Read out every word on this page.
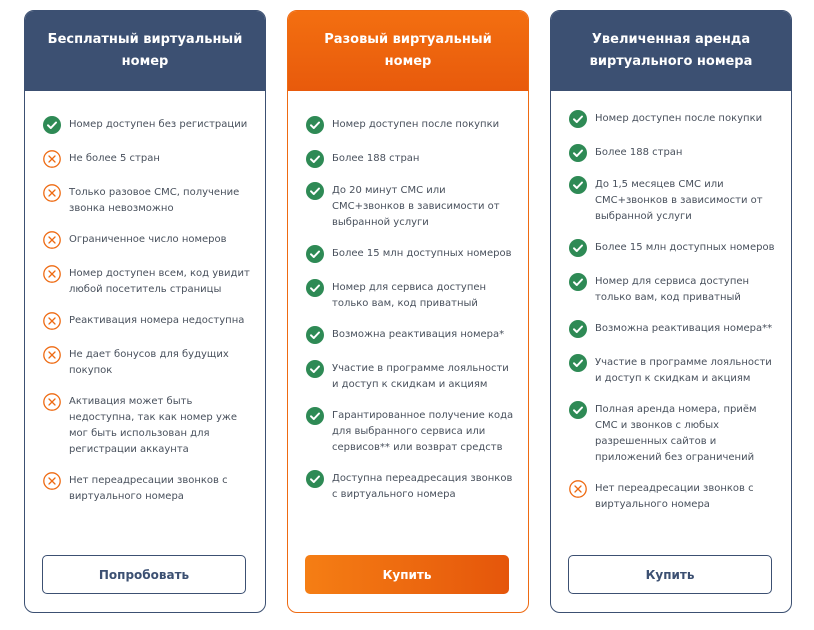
Бесплатный виртуальный номер
Номер доступен без регистрации
Не более 5 стран
Только разовое СМС, получение звонка невозможно
Ограниченное число номеров
Номер доступен всем, код увидит любой посетитель страницы
Реактивация номера недоступна
Не дает бонусов для будущих покупок
Активация может быть недоступна, так как номер уже мог быть использован для регистрации аккаунта
Нет переадресации звонков с виртуального номера
Попробовать
Разовый виртуальный номер
Номер доступен после покупки
Более 188 стран
До 20 минут СМС или СМС+звонков в зависимости от выбранной услуги
Более 15 млн доступных номеров
Номер для сервиса доступен только вам, код приватный
Возможна реактивация номера*
Участие в программе лояльности и доступ к скидкам и акциям
Гарантированное получение кода для выбранного сервиса или сервисов** или возврат средств
Доступна переадресация звонков с виртуального номера
Купить
Увеличенная аренда виртуального номера
Номер доступен после покупки
Более 188 стран
До 1,5 месяцев СМС или СМС+звонков в зависимости от выбранной услуги
Более 15 млн доступных номеров
Номер для сервиса доступен только вам, код приватный
Возможна реактивация номера**
Участие в программе лояльности и доступ к скидкам и акциям
Полная аренда номера, приём СМС и звонков с любых разрешенных сайтов и приложений без ограничений
Нет переадресации звонков с виртуального номера
Купить
